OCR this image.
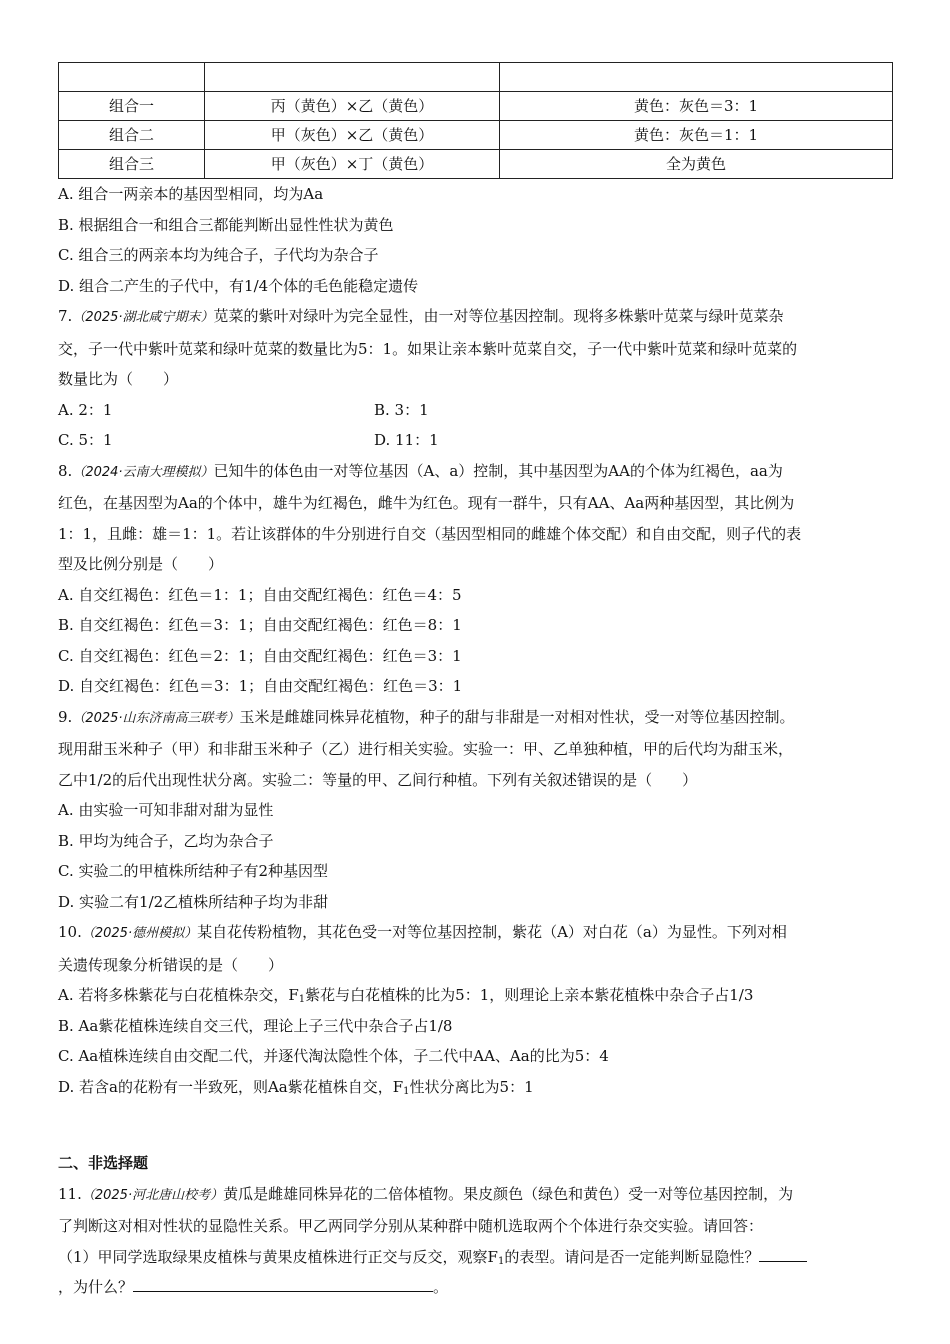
组合一	丙（黄色）×乙（黄色）	黄色：灰色＝3：1
组合二	甲（灰色）×乙（黄色）	黄色：灰色＝1：1
组合三	甲（灰色）×丁（黄色）	全为黄色
A. 组合一两亲本的基因型相同，均为Aa
B. 根据组合一和组合三都能判断出显性性状为黄色
C. 组合三的两亲本均为纯合子，子代均为杂合子
D. 组合二产生的子代中，有1/4个体的毛色能稳定遗传
7.（2025·湖北咸宁期末）苋菜的紫叶对绿叶为完全显性，由一对等位基因控制。现将多株紫叶苋菜与绿叶苋菜杂
交，子一代中紫叶苋菜和绿叶苋菜的数量比为5：1。如果让亲本紫叶苋菜自交，子一代中紫叶苋菜和绿叶苋菜的
数量比为（　　）
A. 2：1	B. 3：1
C. 5：1	D. 11：1
8.（2024·云南大理模拟）已知牛的体色由一对等位基因（A、a）控制，其中基因型为AA的个体为红褐色，aa为
红色，在基因型为Aa的个体中，雄牛为红褐色，雌牛为红色。现有一群牛，只有AA、Aa两种基因型，其比例为
1：1，且雌：雄＝1：1。若让该群体的牛分别进行自交（基因型相同的雌雄个体交配）和自由交配，则子代的表
型及比例分别是（　　）
A. 自交红褐色：红色＝1：1；自由交配红褐色：红色＝4：5
B. 自交红褐色：红色＝3：1；自由交配红褐色：红色＝8：1
C. 自交红褐色：红色＝2：1；自由交配红褐色：红色＝3：1
D. 自交红褐色：红色＝3：1；自由交配红褐色：红色＝3：1
9.（2025·山东济南高三联考）玉米是雌雄同株异花植物，种子的甜与非甜是一对相对性状，受一对等位基因控制。
现用甜玉米种子（甲）和非甜玉米种子（乙）进行相关实验。实验一：甲、乙单独种植，甲的后代均为甜玉米，
乙中1/2的后代出现性状分离。实验二：等量的甲、乙间行种植。下列有关叙述错误的是（　　）
A. 由实验一可知非甜对甜为显性
B. 甲均为纯合子，乙均为杂合子
C. 实验二的甲植株所结种子有2种基因型
D. 实验二有1/2乙植株所结种子均为非甜
10.（2025·德州模拟）某自花传粉植物，其花色受一对等位基因控制，紫花（A）对白花（a）为显性。下列对相
关遗传现象分析错误的是（　　）
A. 若将多株紫花与白花植株杂交，$F_1$紫花与白花植株的比为5：1，则理论上亲本紫花植株中杂合子占1/3
B. Aa紫花植株连续自交三代，理论上子三代中杂合子占1/8
C. Aa植株连续自由交配二代，并逐代淘汰隐性个体，子二代中AA、Aa的比为5：4
D. 若含a的花粉有一半致死，则Aa紫花植株自交，$F_1$性状分离比为5：1
二、非选择题
11.（2025·河北唐山校考）黄瓜是雌雄同株异花的二倍体植物。果皮颜色（绿色和黄色）受一对等位基因控制，为
了判断这对相对性状的显隐性关系。甲乙两同学分别从某种群中随机选取两个个体进行杂交实验。请回答：
（1）甲同学选取绿果皮植株与黄果皮植株进行正交与反交，观察$F_1$的表型。请问是否一定能判断显隐性？
，为什么？	。
